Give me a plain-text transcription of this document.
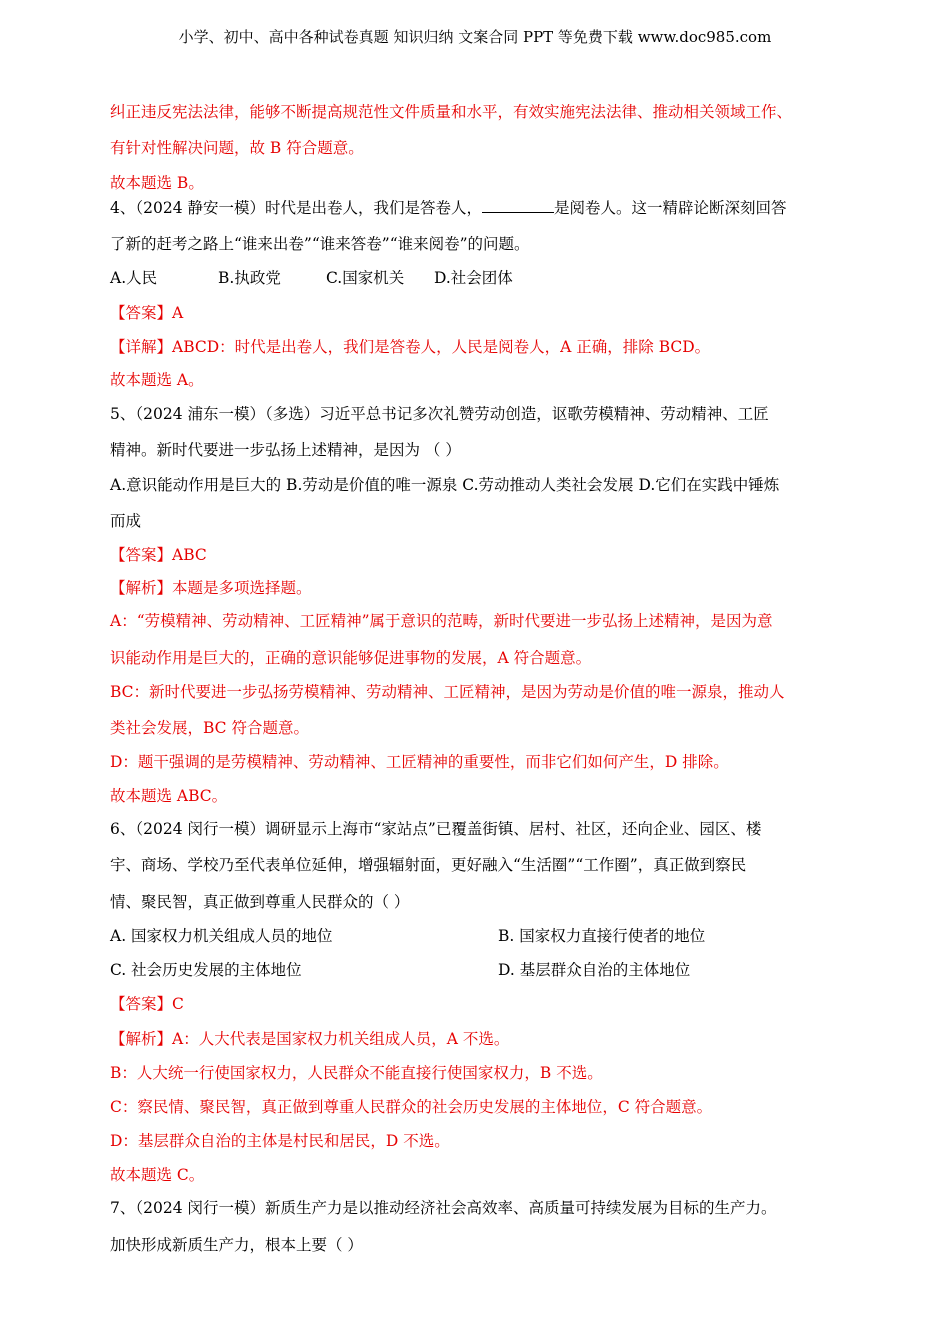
小学、初中、高中各种试卷真题 知识归纳 文案合同 PPT 等免费下载 www.doc985.com
纠正违反宪法法律，能够不断提高规范性文件质量和水平，有效实施宪法法律、推动相关领域工作、
有针对性解决问题，故 B 符合题意。
故本题选 B。
4、（2024 静安一模）时代是出卷人，我们是答卷人，	是阅卷人。这一精辟论断深刻回答
了新的赶考之路上“谁来出卷”“谁来答卷”“谁来阅卷”的问题。
A.人民	B.执政党	C.国家机关 D.社会团体
【答案】A
【详解】ABCD：时代是出卷人，我们是答卷人，人民是阅卷人，A 正确，排除 BCD。
故本题选 A。
5、（2024 浦东一模）（多选）习近平总书记多次礼赞劳动创造，讴歌劳模精神、劳动精神、工匠
精神。新时代要进一步弘扬上述精神，是因为 （ ）
A.意识能动作用是巨大的 B.劳动是价值的唯一源泉 C.劳动推动人类社会发展 D.它们在实践中锤炼
而成
【答案】ABC
【解析】本题是多项选择题。
A：“劳模精神、劳动精神、工匠精神”属于意识的范畴，新时代要进一步弘扬上述精神，是因为意
识能动作用是巨大的，正确的意识能够促进事物的发展，A 符合题意。
BC：新时代要进一步弘扬劳模精神、劳动精神、工匠精神，是因为劳动是价值的唯一源泉，推动人
类社会发展，BC 符合题意。
D：题干强调的是劳模精神、劳动精神、工匠精神的重要性，而非它们如何产生，D 排除。
故本题选 ABC。
6、（2024 闵行一模）调研显示上海市“家站点”已覆盖街镇、居村、社区，还向企业、园区、楼
宇、商场、学校乃至代表单位延伸，增强辐射面，更好融入“生活圈”“工作圈”，真正做到察民
情、聚民智，真正做到尊重人民群众的（ ）
A. 国家权力机关组成人员的地位	B. 国家权力直接行使者的地位
C. 社会历史发展的主体地位	D. 基层群众自治的主体地位
【答案】C
【解析】A：人大代表是国家权力机关组成人员，A 不选。
B：人大统一行使国家权力，人民群众不能直接行使国家权力，B 不选。
C：察民情、聚民智，真正做到尊重人民群众的社会历史发展的主体地位，C 符合题意。
D：基层群众自治的主体是村民和居民，D 不选。
故本题选 C。
7、（2024 闵行一模）新质生产力是以推动经济社会高效率、高质量可持续发展为目标的生产力。
加快形成新质生产力，根本上要（ ）
